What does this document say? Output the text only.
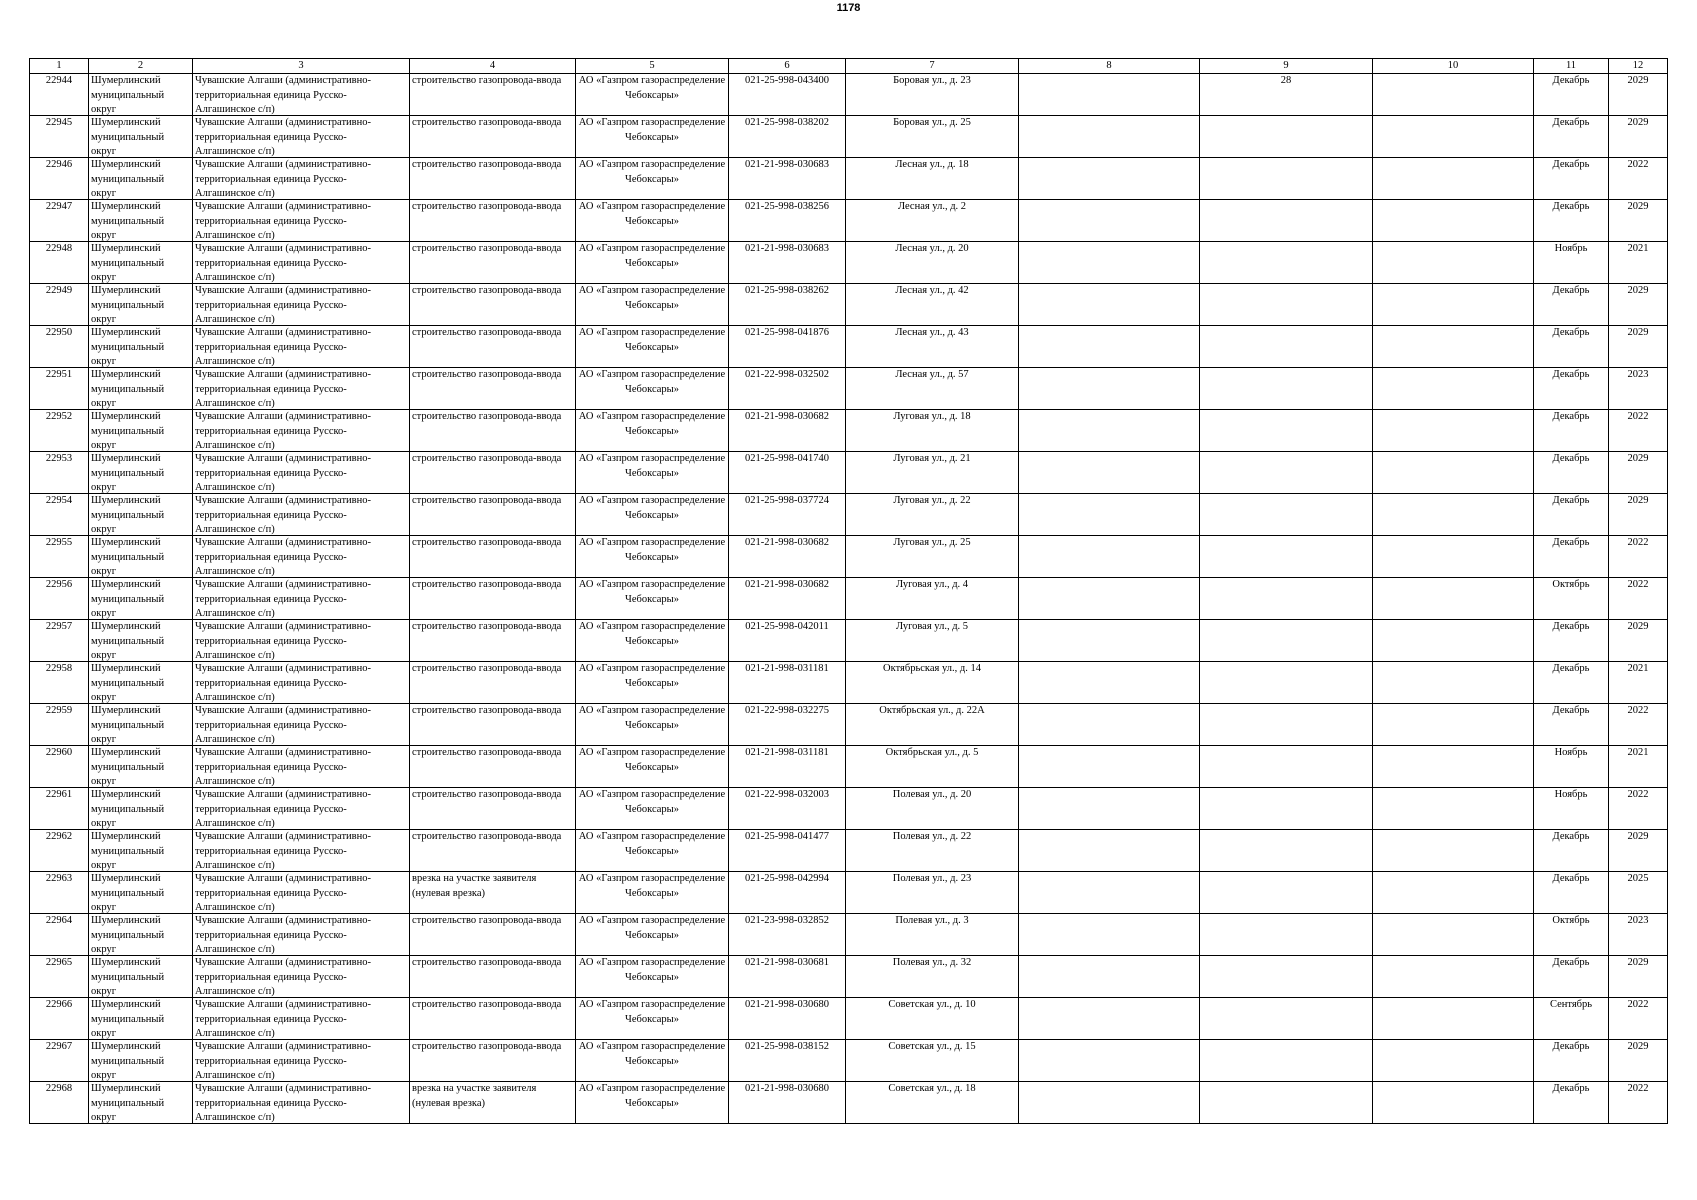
1178
1	2	3	4	5	6	7	8	9	10	11	12

22944	Шумерлинский муниципальный округ	Чувашские Алгаши (административно-территориальная единица Русско-Алгашинское с/п)	строительство газопровода-ввода	АО «Газпром газораспределение Чебоксары»	021-25-998-043400	Боровая ул., д. 23		28		Декабрь	2029

22945	Шумерлинский муниципальный округ	Чувашские Алгаши (административно-территориальная единица Русско-Алгашинское с/п)	строительство газопровода-ввода	АО «Газпром газораспределение Чебоксары»	021-25-998-038202	Боровая ул., д. 25				Декабрь	2029

22946	Шумерлинский муниципальный округ	Чувашские Алгаши (административно-территориальная единица Русско-Алгашинское с/п)	строительство газопровода-ввода	АО «Газпром газораспределение Чебоксары»	021-21-998-030683	Лесная ул., д. 18				Декабрь	2022

22947	Шумерлинский муниципальный округ	Чувашские Алгаши (административно-территориальная единица Русско-Алгашинское с/п)	строительство газопровода-ввода	АО «Газпром газораспределение Чебоксары»	021-25-998-038256	Лесная ул., д. 2				Декабрь	2029

22948	Шумерлинский муниципальный округ	Чувашские Алгаши (административно-территориальная единица Русско-Алгашинское с/п)	строительство газопровода-ввода	АО «Газпром газораспределение Чебоксары»	021-21-998-030683	Лесная ул., д. 20				Ноябрь	2021

22949	Шумерлинский муниципальный округ	Чувашские Алгаши (административно-территориальная единица Русско-Алгашинское с/п)	строительство газопровода-ввода	АО «Газпром газораспределение Чебоксары»	021-25-998-038262	Лесная ул., д. 42				Декабрь	2029

22950	Шумерлинский муниципальный округ	Чувашские Алгаши (административно-территориальная единица Русско-Алгашинское с/п)	строительство газопровода-ввода	АО «Газпром газораспределение Чебоксары»	021-25-998-041876	Лесная ул., д. 43				Декабрь	2029

22951	Шумерлинский муниципальный округ	Чувашские Алгаши (административно-территориальная единица Русско-Алгашинское с/п)	строительство газопровода-ввода	АО «Газпром газораспределение Чебоксары»	021-22-998-032502	Лесная ул., д. 57				Декабрь	2023

22952	Шумерлинский муниципальный округ	Чувашские Алгаши (административно-территориальная единица Русско-Алгашинское с/п)	строительство газопровода-ввода	АО «Газпром газораспределение Чебоксары»	021-21-998-030682	Луговая ул., д. 18				Декабрь	2022

22953	Шумерлинский муниципальный округ	Чувашские Алгаши (административно-территориальная единица Русско-Алгашинское с/п)	строительство газопровода-ввода	АО «Газпром газораспределение Чебоксары»	021-25-998-041740	Луговая ул., д. 21				Декабрь	2029

22954	Шумерлинский муниципальный округ	Чувашские Алгаши (административно-территориальная единица Русско-Алгашинское с/п)	строительство газопровода-ввода	АО «Газпром газораспределение Чебоксары»	021-25-998-037724	Луговая ул., д. 22				Декабрь	2029

22955	Шумерлинский муниципальный округ	Чувашские Алгаши (административно-территориальная единица Русско-Алгашинское с/п)	строительство газопровода-ввода	АО «Газпром газораспределение Чебоксары»	021-21-998-030682	Луговая ул., д. 25				Декабрь	2022

22956	Шумерлинский муниципальный округ	Чувашские Алгаши (административно-территориальная единица Русско-Алгашинское с/п)	строительство газопровода-ввода	АО «Газпром газораспределение Чебоксары»	021-21-998-030682	Луговая ул., д. 4				Октябрь	2022

22957	Шумерлинский муниципальный округ	Чувашские Алгаши (административно-территориальная единица Русско-Алгашинское с/п)	строительство газопровода-ввода	АО «Газпром газораспределение Чебоксары»	021-25-998-042011	Луговая ул., д. 5				Декабрь	2029

22958	Шумерлинский муниципальный округ	Чувашские Алгаши (административно-территориальная единица Русско-Алгашинское с/п)	строительство газопровода-ввода	АО «Газпром газораспределение Чебоксары»	021-21-998-031181	Октябрьская ул., д. 14				Декабрь	2021

22959	Шумерлинский муниципальный округ	Чувашские Алгаши (административно-территориальная единица Русско-Алгашинское с/п)	строительство газопровода-ввода	АО «Газпром газораспределение Чебоксары»	021-22-998-032275	Октябрьская ул., д. 22А				Декабрь	2022

22960	Шумерлинский муниципальный округ	Чувашские Алгаши (административно-территориальная единица Русско-Алгашинское с/п)	строительство газопровода-ввода	АО «Газпром газораспределение Чебоксары»	021-21-998-031181	Октябрьская ул., д. 5				Ноябрь	2021

22961	Шумерлинский муниципальный округ	Чувашские Алгаши (административно-территориальная единица Русско-Алгашинское с/п)	строительство газопровода-ввода	АО «Газпром газораспределение Чебоксары»	021-22-998-032003	Полевая ул., д. 20				Ноябрь	2022

22962	Шумерлинский муниципальный округ	Чувашские Алгаши (административно-территориальная единица Русско-Алгашинское с/п)	строительство газопровода-ввода	АО «Газпром газораспределение Чебоксары»	021-25-998-041477	Полевая ул., д. 22				Декабрь	2029

22963	Шумерлинский муниципальный округ	Чувашские Алгаши (административно-территориальная единица Русско-Алгашинское с/п)	врезка на участке заявителя (нулевая врезка)	АО «Газпром газораспределение Чебоксары»	021-25-998-042994	Полевая ул., д. 23				Декабрь	2025

22964	Шумерлинский муниципальный округ	Чувашские Алгаши (административно-территориальная единица Русско-Алгашинское с/п)	строительство газопровода-ввода	АО «Газпром газораспределение Чебоксары»	021-23-998-032852	Полевая ул., д. 3				Октябрь	2023

22965	Шумерлинский муниципальный округ	Чувашские Алгаши (административно-территориальная единица Русско-Алгашинское с/п)	строительство газопровода-ввода	АО «Газпром газораспределение Чебоксары»	021-21-998-030681	Полевая ул., д. 32				Декабрь	2029

22966	Шумерлинский муниципальный округ	Чувашские Алгаши (административно-территориальная единица Русско-Алгашинское с/п)	строительство газопровода-ввода	АО «Газпром газораспределение Чебоксары»	021-21-998-030680	Советская ул., д. 10				Сентябрь	2022

22967	Шумерлинский муниципальный округ	Чувашские Алгаши (административно-территориальная единица Русско-Алгашинское с/п)	строительство газопровода-ввода	АО «Газпром газораспределение Чебоксары»	021-25-998-038152	Советская ул., д. 15				Декабрь	2029

22968	Шумерлинский муниципальный округ	Чувашские Алгаши (административно-территориальная единица Русско-Алгашинское с/п)	врезка на участке заявителя (нулевая врезка)	АО «Газпром газораспределение Чебоксары»	021-21-998-030680	Советская ул., д. 18				Декабрь	2022
